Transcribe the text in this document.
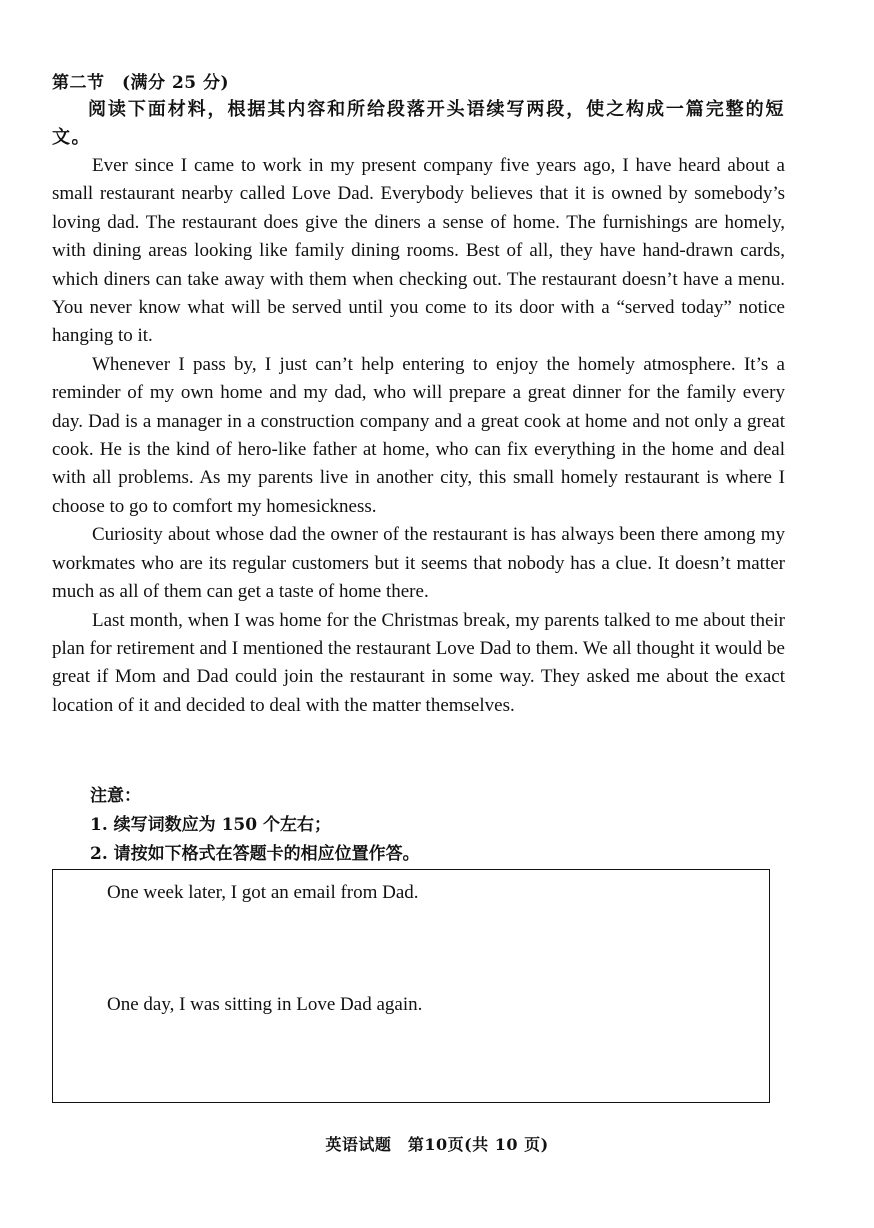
第二节　(满分 25 分)
阅读下面材料，根据其内容和所给段落开头语续写两段，使之构成一篇完整的短文。

Ever since I came to work in my present company five years ago, I have heard about a small restaurant nearby called Love Dad. Everybody believes that it is owned by somebody’s loving dad. The restaurant does give the diners a sense of home. The furnishings are homely, with dining areas looking like family dining rooms. Best of all, they have hand-drawn cards, which diners can take away with them when checking out. The restaurant doesn’t have a menu. You never know what will be served until you come to its door with a “served today” notice hanging to it.

Whenever I pass by, I just can’t help entering to enjoy the homely atmosphere. It’s a reminder of my own home and my dad, who will prepare a great dinner for the family every day. Dad is a manager in a construction company and a great cook at home and not only a great cook. He is the kind of hero-like father at home, who can fix everything in the home and deal with all problems. As my parents live in another city, this small homely restaurant is where I choose to go to comfort my homesickness.

Curiosity about whose dad the owner of the restaurant is has always been there among my workmates who are its regular customers but it seems that nobody has a clue. It doesn’t matter much as all of them can get a taste of home there.

Last month, when I was home for the Christmas break, my parents talked to me about their plan for retirement and I mentioned the restaurant Love Dad to them. We all thought it would be great if Mom and Dad could join the restaurant in some way. They asked me about the exact location of it and decided to deal with the matter themselves.

注意：
1. 续写词数应为 150 个左右；
2. 请按如下格式在答题卡的相应位置作答。
One week later, I got an email from Dad.
One day, I was sitting in Love Dad again.
英语试题　第10页(共 10 页)
